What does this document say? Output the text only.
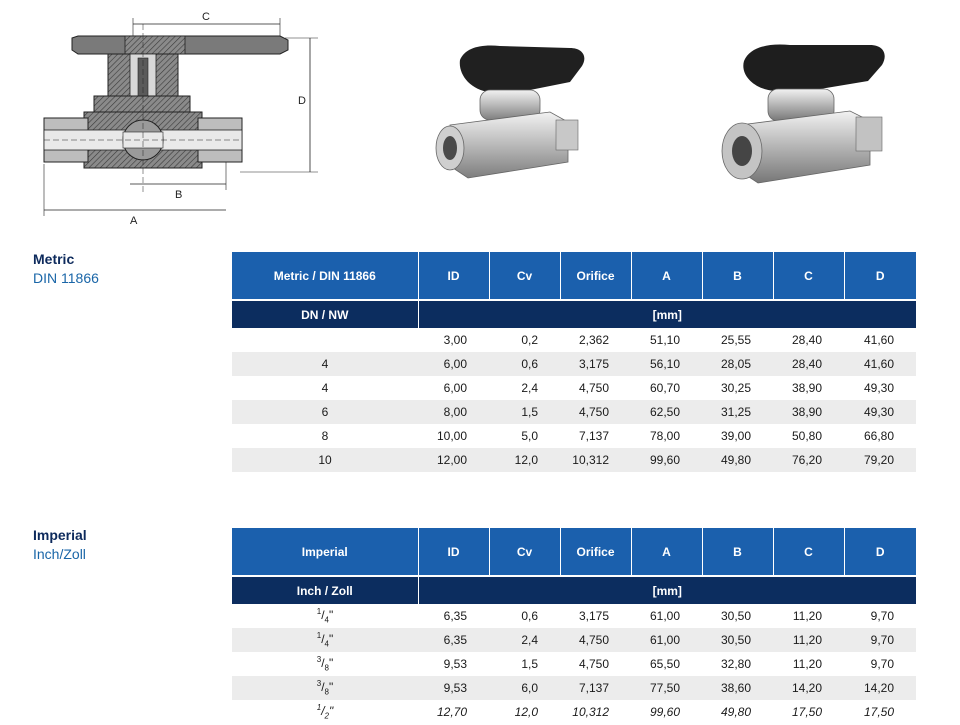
C
D
B
A
Metric
DIN 11866	Metric / DIN 11866	ID	Cv	Orifice	A	B	C	D
DN / NW	[mm]						
	3,00	0,2	2,362	51,10	25,55	28,40	41,60
4	6,00	0,6	3,175	56,10	28,05	28,40	41,60
4	6,00	2,4	4,750	60,70	30,25	38,90	49,30
6	8,00	1,5	4,750	62,50	31,25	38,90	49,30
8	10,00	5,0	7,137	78,00	39,00	50,80	66,80
10	12,00	12,0	10,312	99,60	49,80	76,20	79,20
Imperial
Inch/Zoll	Imperial	ID	Cv	Orifice	A	B	C	D
Inch / Zoll	[mm]						
$^1/_4$"	6,35	0,6	3,175	61,00	30,50	11,20	9,70
$^1/_4$"	6,35	2,4	4,750	61,00	30,50	11,20	9,70
$^3/_8$"	9,53	1,5	4,750	65,50	32,80	11,20	9,70
$^3/_8$"	9,53	6,0	7,137	77,50	38,60	14,20	14,20
$^1/_2$"	12,70	12,0	10,312	99,60	49,80	17,50	17,50
